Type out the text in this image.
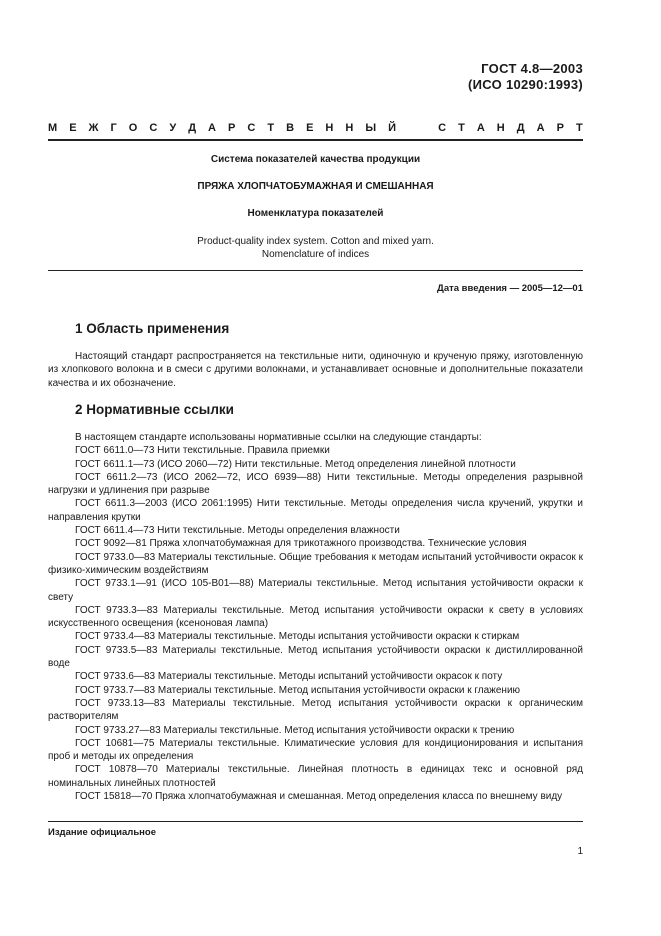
ГОСТ 4.8—2003
(ИСО 10290:1993)
М Е Ж Г О С У Д А Р С Т В Е Н Н Ы Й	С Т А Н Д А Р Т
Система показателей качества продукции
ПРЯЖА ХЛОПЧАТОБУМАЖНАЯ И СМЕШАННАЯ
Номенклатура показателей
Product-quality index system. Cotton and mixed yarn.
Nomenclature of indices
Дата введения — 2005—12—01
1 Область применения
Настоящий стандарт распространяется на текстильные нити, одиночную и крученую пряжу, изготовленную из хлопкового волокна и в смеси с другими волокнами, и устанавливает основные и дополнительные показатели качества и их обозначение.
2 Нормативные ссылки
В настоящем стандарте использованы нормативные ссылки на следующие стандарты:
ГОСТ 6611.0—73 Нити текстильные. Правила приемки
ГОСТ 6611.1—73 (ИСО 2060—72) Нити текстильные. Метод определения линейной плотности
ГОСТ 6611.2—73 (ИСО 2062—72, ИСО 6939—88) Нити текстильные. Методы определения разрывной нагрузки и удлинения при разрыве
ГОСТ 6611.3—2003 (ИСО 2061:1995) Нити текстильные. Методы определения числа кручений, укрутки и направления крутки
ГОСТ 6611.4—73 Нити текстильные. Методы определения влажности
ГОСТ 9092—81 Пряжа хлопчатобумажная для трикотажного производства. Технические условия
ГОСТ 9733.0—83 Материалы текстильные. Общие требования к методам испытаний устойчивости окрасок к физико-химическим воздействиям
ГОСТ 9733.1—91 (ИСО 105-В01—88) Материалы текстильные. Метод испытания устойчивости окраски к свету
ГОСТ 9733.3—83 Материалы текстильные. Метод испытания устойчивости окраски к свету в условиях искусственного освещения (ксеноновая лампа)
ГОСТ 9733.4—83 Материалы текстильные. Методы испытания устойчивости окраски к стиркам
ГОСТ 9733.5—83 Материалы текстильные. Метод испытания устойчивости окраски к дистиллированной воде
ГОСТ 9733.6—83 Материалы текстильные. Методы испытаний устойчивости окрасок к поту
ГОСТ 9733.7—83 Материалы текстильные. Метод испытания устойчивости окраски к глажению
ГОСТ 9733.13—83 Материалы текстильные. Метод испытания устойчивости окраски к органическим растворителям
ГОСТ 9733.27—83 Материалы текстильные. Метод испытания устойчивости окраски к трению
ГОСТ 10681—75 Материалы текстильные. Климатические условия для кондиционирования и испытания проб и методы их определения
ГОСТ 10878—70 Материалы текстильные. Линейная плотность в единицах текс и основной ряд номинальных линейных плотностей
ГОСТ 15818—70 Пряжа хлопчатобумажная и смешанная. Метод определения класса по внешнему виду
Издание официальное
1
